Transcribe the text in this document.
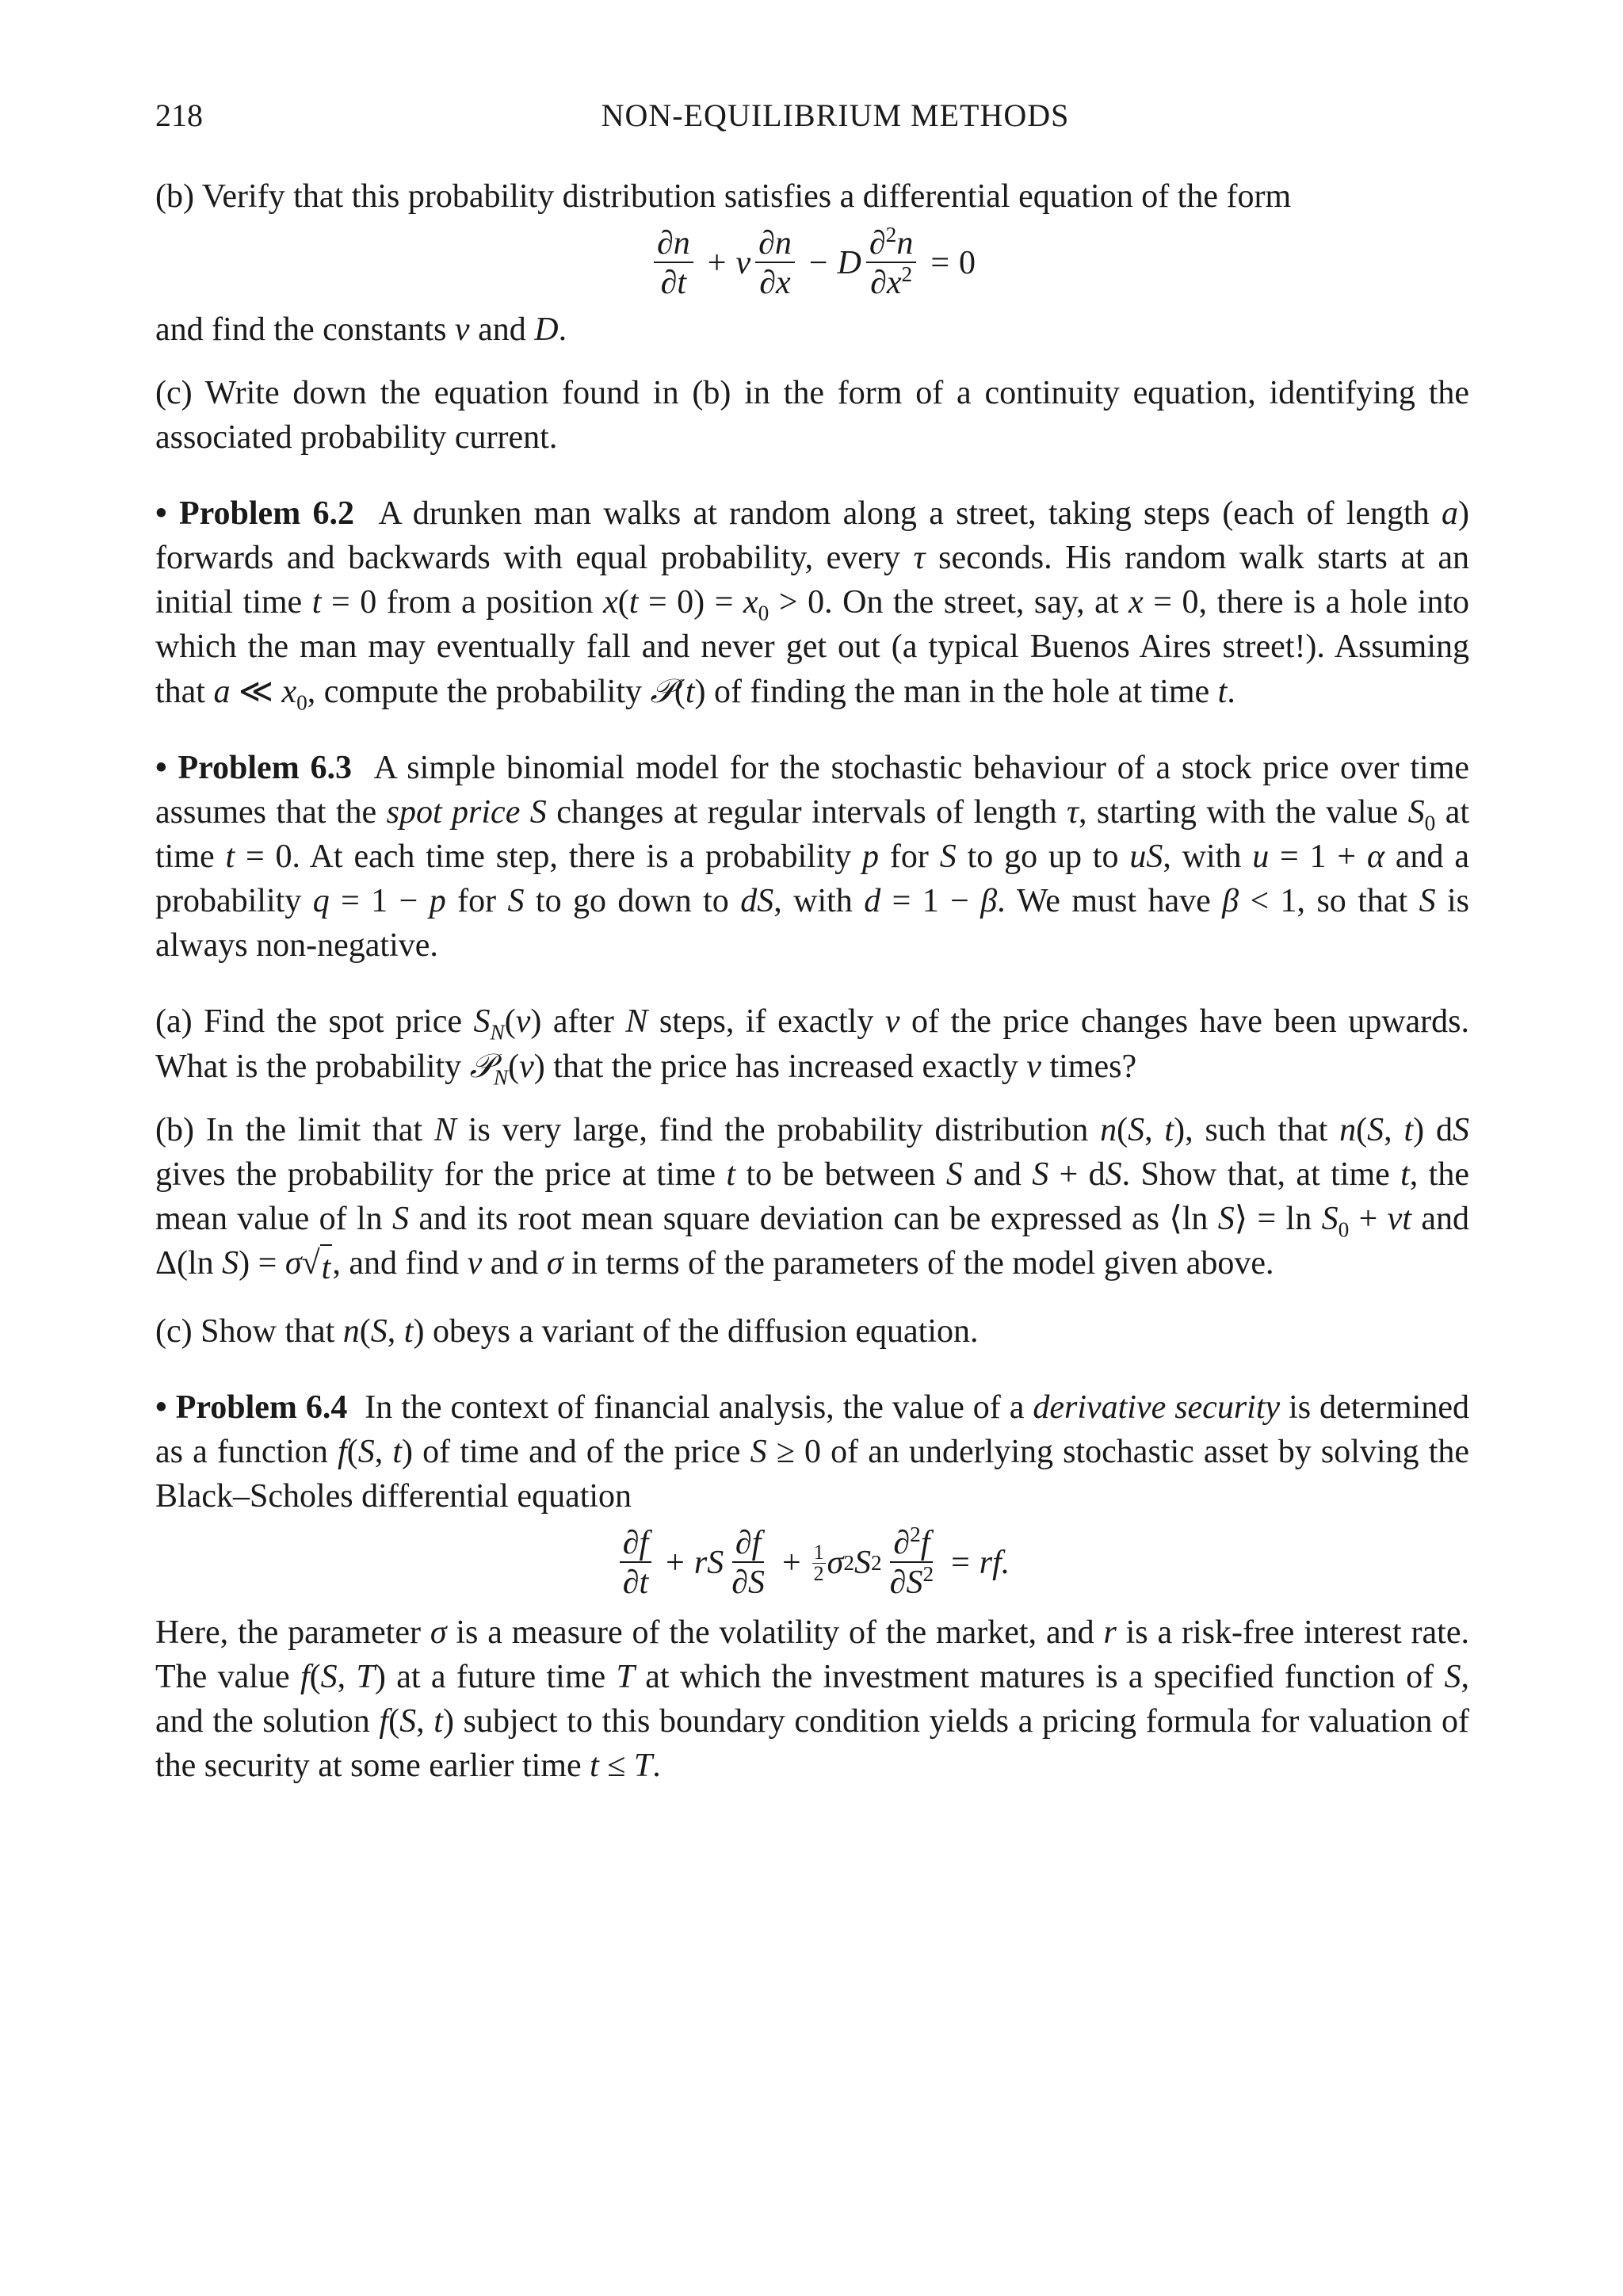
218	NON-EQUILIBRIUM METHODS

(b) Verify that this probability distribution satisfies a differential equation of the form

$\frac{\partial n}{\partial t} + v \frac{\partial n}{\partial x} - D \frac{\partial^2n}{\partial x^2} = 0$

and find the constants v and D.

(c) Write down the equation found in (b) in the form of a continuity equation, identifying the associated probability current.

• Problem 6.2  A drunken man walks at random along a street, taking steps (each of length a) forwards and backwards with equal probability, every τ seconds. His random walk starts at an initial time t = 0 from a position $x(t = 0) = x_0 > 0$. On the street, say, at x = 0, there is a hole into which the man may eventually fall and never get out (a typical Buenos Aires street!). Assuming that a ≪ $x_0$, compute the probability 𝒫(t) of finding the man in the hole at time t.

• Problem 6.3  A simple binomial model for the stochastic behaviour of a stock price over time assumes that the spot price S changes at regular intervals of length τ, starting with the value $S_0$ at time t = 0. At each time step, there is a probability p for S to go up to uS, with u = 1 + α and a probability q = 1 − p for S to go down to dS, with d = 1 − β. We must have β < 1, so that S is always non-negative.

(a) Find the spot price $S_N(\nu)$ after N steps, if exactly ν of the price changes have been upwards. What is the probability 𝒫$_N$(ν) that the price has increased exactly ν times?

(b) In the limit that N is very large, find the probability distribution n(S, t), such that n(S, t) dS gives the probability for the price at time t to be between S and S + dS. Show that, at time t, the mean value of ln S and its root mean square deviation can be expressed as ⟨ln S⟩ = $\ln S_0$ + vt and Δ(ln S) = σ√ t , and find v and σ in terms of the parameters of the model given above.

(c) Show that n(S, t) obeys a variant of the diffusion equation.

• Problem 6.4  In the context of financial analysis, the value of a derivative security is determined as a function f(S, t) of time and of the price S ≥ 0 of an underlying stochastic asset by solving the Black–Scholes differential equation

$\frac{\partial f}{\partial t} + r$ S $\frac{\partial f}{\partial S} + \frac{1}{2}$ σ 2 S $2 \frac{\partial^2f}{\partial S^2}$ = rf.

Here, the parameter σ is a measure of the volatility of the market, and r is a risk-free interest rate. The value f(S, T) at a future time T at which the investment matures is a specified function of S, and the solution f(S, t) subject to this boundary condition yields a pricing formula for valuation of the security at some earlier time t ≤ T.
